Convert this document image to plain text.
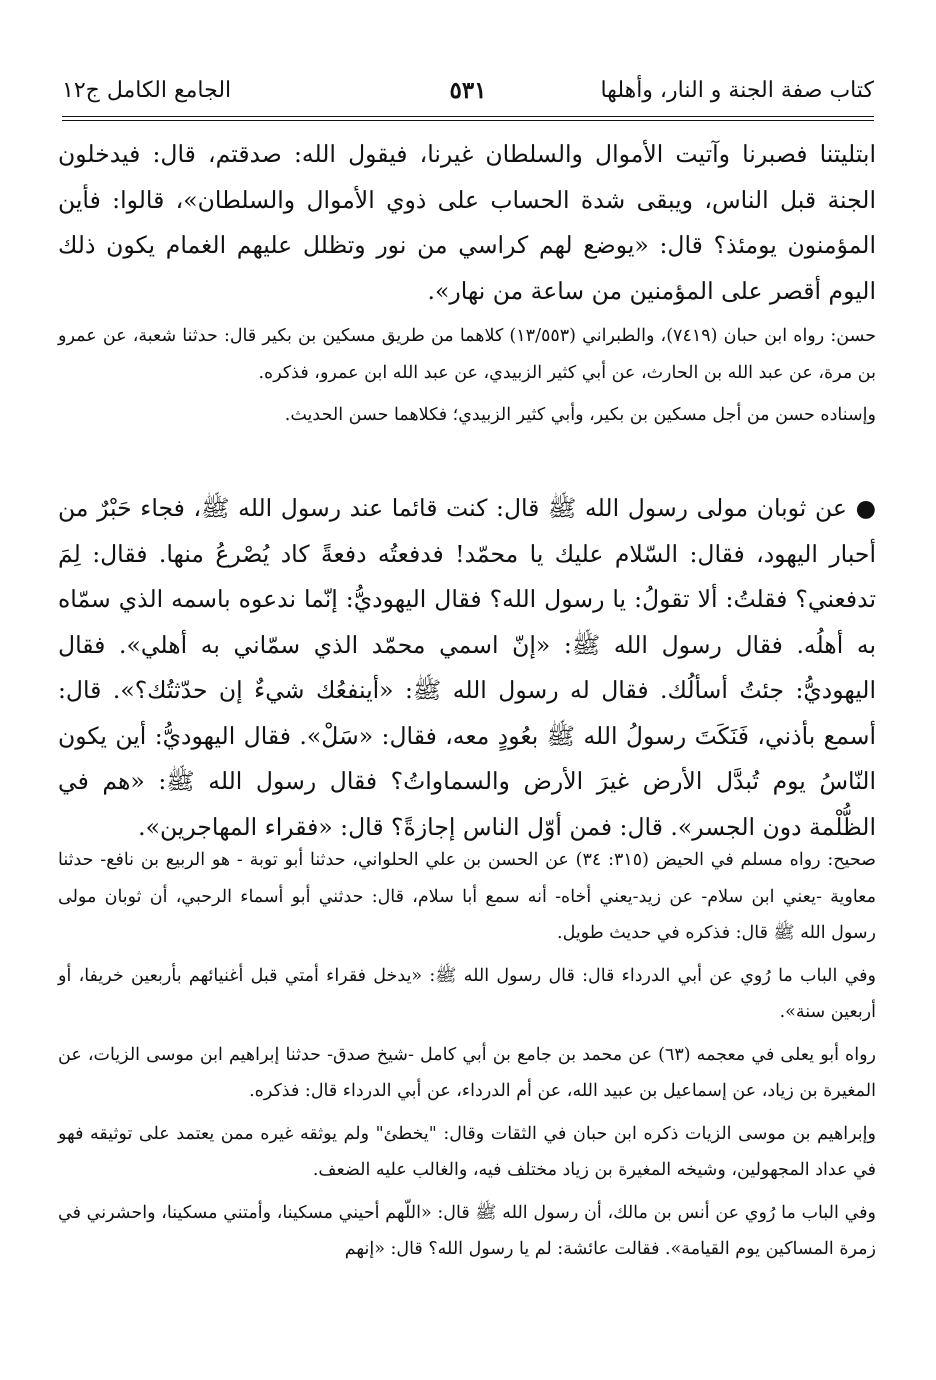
كتاب صفة الجنة و النار، وأهلها
٥٣١
الجامع الكامل ج١٢

ابتليتنا فصبرنا وآتيت الأموال والسلطان غيرنا، فيقول الله: صدقتم، قال: فيدخلون الجنة قبل الناس، ويبقى شدة الحساب على ذوي الأموال والسلطان»، قالوا: فأين المؤمنون يومئذ؟ قال: «يوضع لهم كراسي من نور وتظلل عليهم الغمام يكون ذلك اليوم أقصر على المؤمنين من ساعة من نهار».

حسن: رواه ابن حبان (٧٤١٩)، والطبراني (١٣/٥٥٣) كلاهما من طريق مسكين بن بكير قال: حدثنا شعبة، عن عمرو بن مرة، عن عبد الله بن الحارث، عن أبي كثير الزبيدي، عن عبد الله ابن عمرو، فذكره.

وإسناده حسن من أجل مسكين بن بكير، وأبي كثير الزبيدي؛ فكلاهما حسن الحديث.

● عن ثوبان مولى رسول الله ﷺ قال: كنت قائما عند رسول الله ﷺ، فجاء حَبْرٌ من أحبار اليهود، فقال: السّلام عليك يا محمّد! فدفعتُه دفعةً كاد يُصْرعُ منها. فقال: لِمَ تدفعني؟ فقلتُ: ألا تقولُ: يا رسول الله؟ فقال اليهوديُّ: إنّما ندعوه باسمه الذي سمّاه به أهلُه. فقال رسول الله ﷺ: «إنّ اسمي محمّد الذي سمّاني به أهلي». فقال اليهوديُّ: جئتُ أسألُك. فقال له رسول الله ﷺ: «أينفعُك شيءٌ إن حدّثتُك؟». قال: أسمع بأذني، فَنَكَتَ رسولُ الله ﷺ بعُودٍ معه، فقال: «سَلْ». فقال اليهوديُّ: أين يكون النّاسُ يوم تُبدَّل الأرض غيرَ الأرض والسماواتُ؟ فقال رسول الله ﷺ: «هم في الظُّلْمة دون الجسر». قال: فمن أوّل الناس إجازةً؟ قال: «فقراء المهاجرين».

صحيح: رواه مسلم في الحيض (٣١٥: ٣٤) عن الحسن بن علي الحلواني، حدثنا أبو توبة - هو الربيع بن نافع- حدثنا معاوية -يعني ابن سلام- عن زيد-يعني أخاه- أنه سمع أبا سلام، قال: حدثني أبو أسماء الرحبي، أن ثوبان مولى رسول الله ﷺ قال: فذكره في حديث طويل.

وفي الباب ما رُوي عن أبي الدرداء قال: قال رسول الله ﷺ: «يدخل فقراء أمتي قبل أغنيائهم بأربعين خريفا، أو أربعين سنة».

رواه أبو يعلى في معجمه (٦٣) عن محمد بن جامع بن أبي كامل -شيخ صدق- حدثنا إبراهيم ابن موسى الزيات، عن المغيرة بن زياد، عن إسماعيل بن عبيد الله، عن أم الدرداء، عن أبي الدرداء قال: فذكره.

وإبراهيم بن موسى الزيات ذكره ابن حبان في الثقات وقال: "يخطئ" ولم يوثقه غيره ممن يعتمد على توثيقه فهو في عداد المجهولين، وشيخه المغيرة بن زياد مختلف فيه، والغالب عليه الضعف.

وفي الباب ما رُوي عن أنس بن مالك، أن رسول الله ﷺ قال: «اللّهم أحيني مسكينا، وأمتني مسكينا، واحشرني في زمرة المساكين يوم القيامة». فقالت عائشة: لم يا رسول الله؟ قال: «إنهم
